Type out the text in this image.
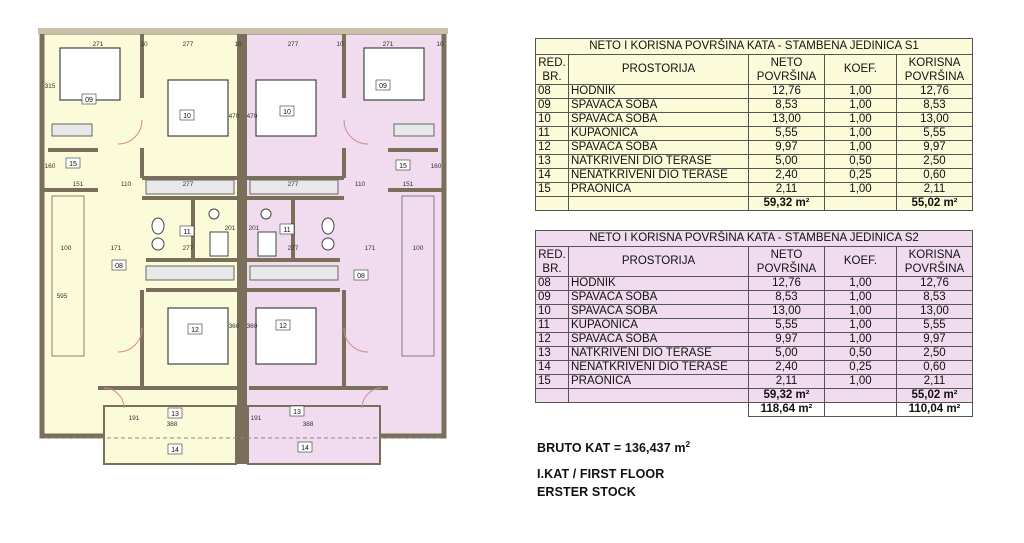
271	10	277	10	277	10	271	10
315
470 470
160	160
151	151
110	110
277	277
100	100
171	171
277	277
201 201
595
360 360
191	191
388	388
09
10
10
09
15	15
11	11
08
08
12
12
13	13
14	14
NETO I KORISNA POVRŠINA KATA - STAMBENA JEDINICA S1				
RED. BR.	PROSTORIJA	NETO POVRŠINA	KOEF.	KORISNA POVRŠINA
08	HODNIK	12,76	1,00	12,76
09	SPAVAĆA SOBA	8,53	1,00	8,53
10	SPAVAĆA SOBA	13,00	1,00	13,00
11	KUPAONICA	5,55	1,00	5,55
12	SPAVAĆA SOBA	9,97	1,00	9,97
13	NATKRIVENI DIO TERASE	5,00	0,50	2,50
14	NENATKRIVENI DIO TERASE	2,40	0,25	0,60
15	PRAONICA	2,11	1,00	2,11
		59,32 m²		55,02 m²
NETO I KORISNA POVRŠINA KATA - STAMBENA JEDINICA S2				
RED. BR.	PROSTORIJA	NETO POVRŠINA	KOEF.	KORISNA POVRŠINA
08	HODNIK	12,76	1,00	12,76
09	SPAVAĆA SOBA	8,53	1,00	8,53
10	SPAVAĆA SOBA	13,00	1,00	13,00
11	KUPAONICA	5,55	1,00	5,55
12	SPAVAĆA SOBA	9,97	1,00	9,97
13	NATKRIVENI DIO TERASE	5,00	0,50	2,50
14	NENATKRIVENI DIO TERASE	2,40	0,25	0,60
15	PRAONICA	2,11	1,00	2,11
		59,32 m²		55,02 m²
		118,64 m²		110,04 m²
BRUTO KAT = 136,437 $m^2$
I.KAT / FIRST FLOOR
ERSTER STOCK
